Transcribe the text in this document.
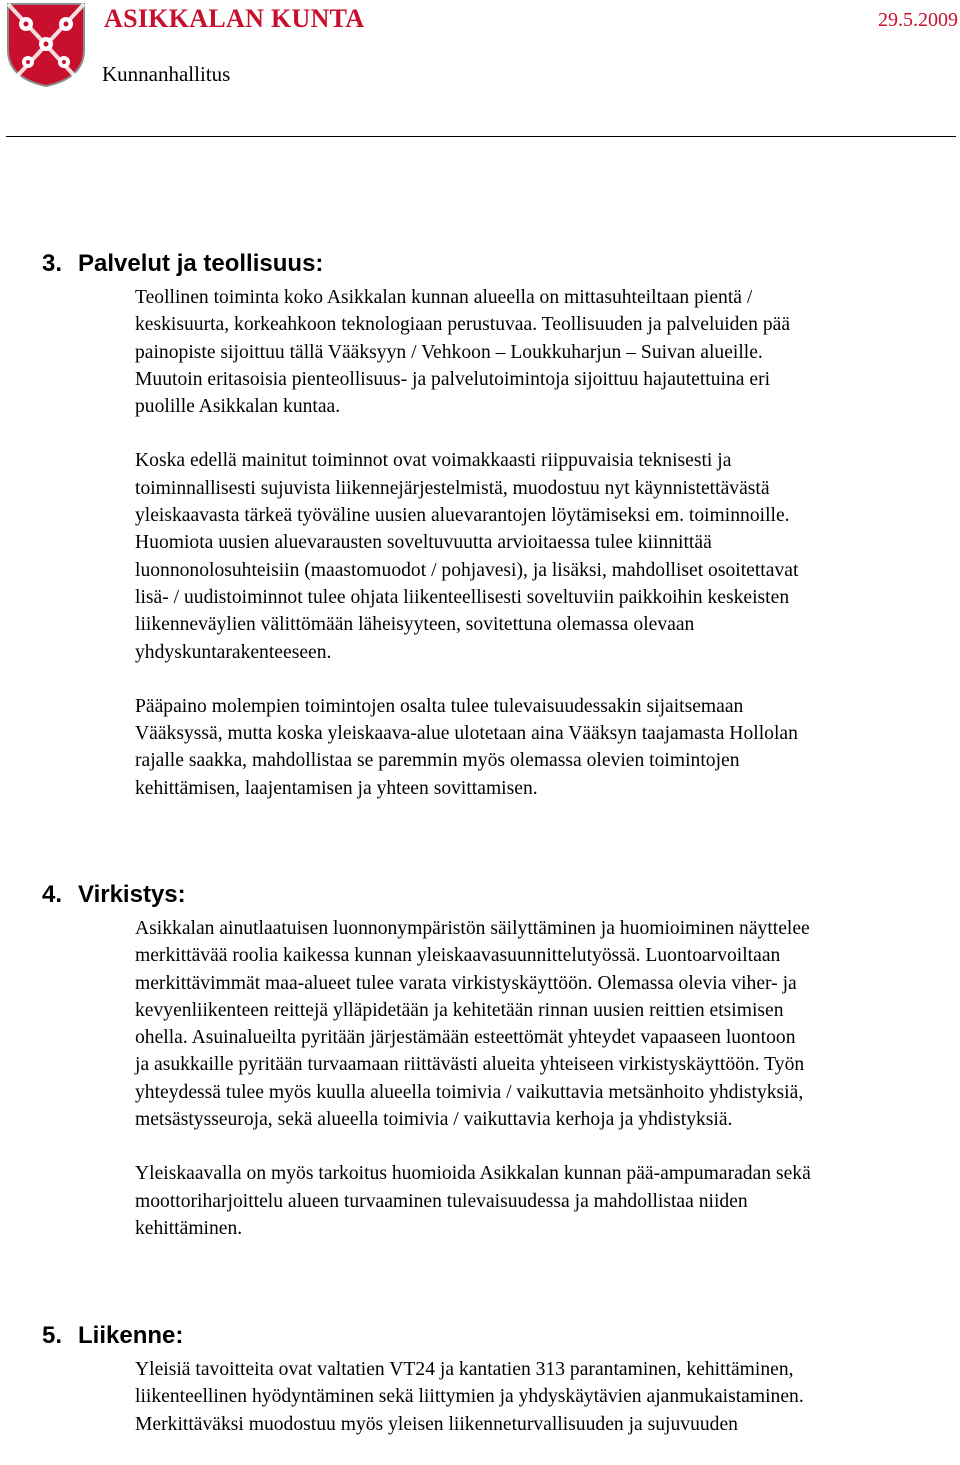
ASIKKALAN KUNTA	29.5.2009
Kunnanhallitus
3. Palvelut ja teollisuus:

Teollinen toiminta koko Asikkalan kunnan alueella on mittasuhteiltaan pientä /
keskisuurta, korkeahkoon teknologiaan perustuvaa. Teollisuuden ja palveluiden pää
painopiste sijoittuu tällä Vääksyyn / Vehkoon – Loukkuharjun – Suivan alueille.
Muutoin eritasoisia pienteollisuus- ja palvelutoimintoja sijoittuu hajautettuina eri
puolille Asikkalan kuntaa.

Koska edellä mainitut toiminnot ovat voimakkaasti riippuvaisia teknisesti ja
toiminnallisesti sujuvista liikennejärjestelmistä, muodostuu nyt käynnistettävästä
yleiskaavasta tärkeä työväline uusien aluevarantojen löytämiseksi em. toiminnoille.
Huomiota uusien aluevarausten soveltuvuutta arvioitaessa tulee kiinnittää
luonnonolosuhteisiin (maastomuodot / pohjavesi), ja lisäksi, mahdolliset osoitettavat
lisä- / uudistoiminnot tulee ohjata liikenteellisesti soveltuviin paikkoihin keskeisten
liikenneväylien välittömään läheisyyteen, sovitettuna olemassa olevaan
yhdyskuntarakenteeseen.

Pääpaino molempien toimintojen osalta tulee tulevaisuudessakin sijaitsemaan
Vääksyssä, mutta koska yleiskaava-alue ulotetaan aina Vääksyn taajamasta Hollolan
rajalle saakka, mahdollistaa se paremmin myös olemassa olevien toimintojen
kehittämisen, laajentamisen ja yhteen sovittamisen.

4. Virkistys:

Asikkalan ainutlaatuisen luonnonympäristön säilyttäminen ja huomioiminen näyttelee
merkittävää roolia kaikessa kunnan yleiskaavasuunnittelutyössä. Luontoarvoiltaan
merkittävimmät maa-alueet tulee varata virkistyskäyttöön. Olemassa olevia viher- ja
kevyenliikenteen reittejä ylläpidetään ja kehitetään rinnan uusien reittien etsimisen
ohella. Asuinalueilta pyritään järjestämään esteettömät yhteydet vapaaseen luontoon
ja asukkaille pyritään turvaamaan riittävästi alueita yhteiseen virkistyskäyttöön. Työn
yhteydessä tulee myös kuulla alueella toimivia / vaikuttavia metsänhoito yhdistyksiä,
metsästysseuroja, sekä alueella toimivia / vaikuttavia kerhoja ja yhdistyksiä.

Yleiskaavalla on myös tarkoitus huomioida Asikkalan kunnan pää-ampumaradan sekä
moottoriharjoittelu alueen turvaaminen tulevaisuudessa ja mahdollistaa niiden
kehittäminen.

5. Liikenne:

Yleisiä tavoitteita ovat valtatien VT24 ja kantatien 313 parantaminen, kehittäminen,
liikenteellinen hyödyntäminen sekä liittymien ja yhdyskäytävien ajanmukaistaminen.
Merkittäväksi muodostuu myös yleisen liikenneturvallisuuden ja sujuvuuden
